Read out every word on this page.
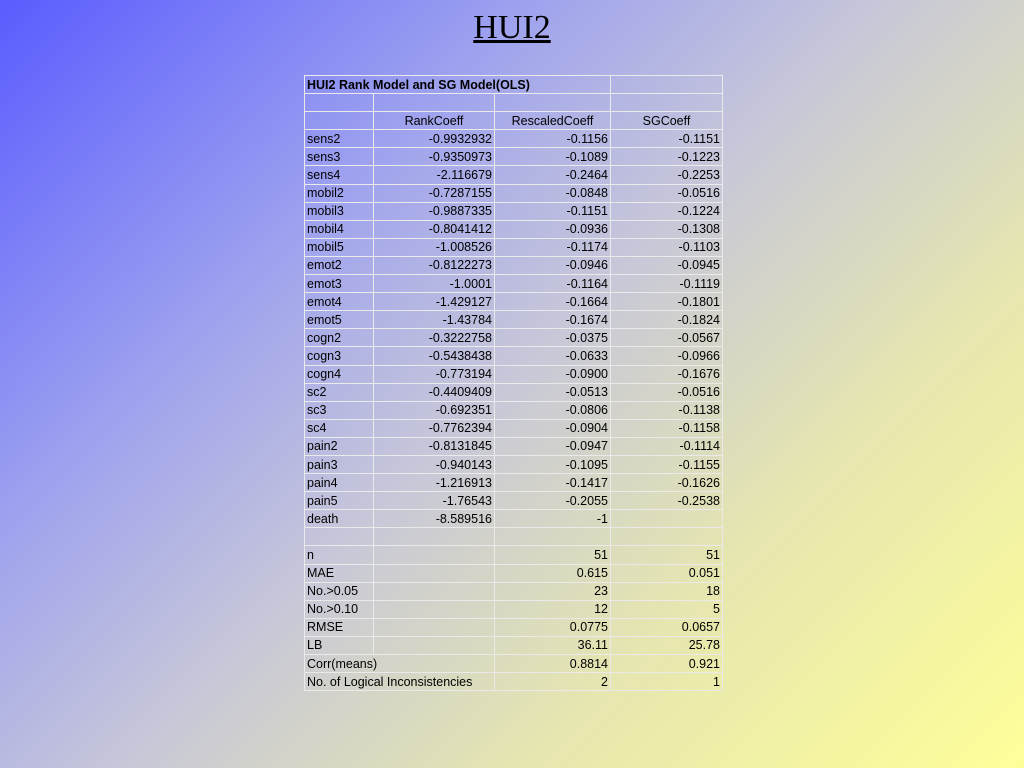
HUI2
HUI2 Rank Model and SG Model(OLS)			

	RankCoeff	RescaledCoeff	SGCoeff
sens2	-0.9932932	-0.1156	-0.1151
sens3	-0.9350973	-0.1089	-0.1223
sens4	-2.116679	-0.2464	-0.2253
mobil2	-0.7287155	-0.0848	-0.0516
mobil3	-0.9887335	-0.1151	-0.1224
mobil4	-0.8041412	-0.0936	-0.1308
mobil5	-1.008526	-0.1174	-0.1103
emot2	-0.8122273	-0.0946	-0.0945
emot3	-1.0001	-0.1164	-0.1119
emot4	-1.429127	-0.1664	-0.1801
emot5	-1.43784	-0.1674	-0.1824
cogn2	-0.3222758	-0.0375	-0.0567
cogn3	-0.5438438	-0.0633	-0.0966
cogn4	-0.773194	-0.0900	-0.1676
sc2	-0.4409409	-0.0513	-0.0516
sc3	-0.692351	-0.0806	-0.1138
sc4	-0.7762394	-0.0904	-0.1158
pain2	-0.8131845	-0.0947	-0.1114
pain3	-0.940143	-0.1095	-0.1155
pain4	-1.216913	-0.1417	-0.1626
pain5	-1.76543	-0.2055	-0.2538
death	-8.589516	-1	

n		51	51
MAE		0.615	0.051
No.>0.05		23	18
No.>0.10		12	5
RMSE		0.0775	0.0657
LB		36.11	25.78
Corr(means)		0.8814	0.921
No. of Logical Inconsistencies		2	1
